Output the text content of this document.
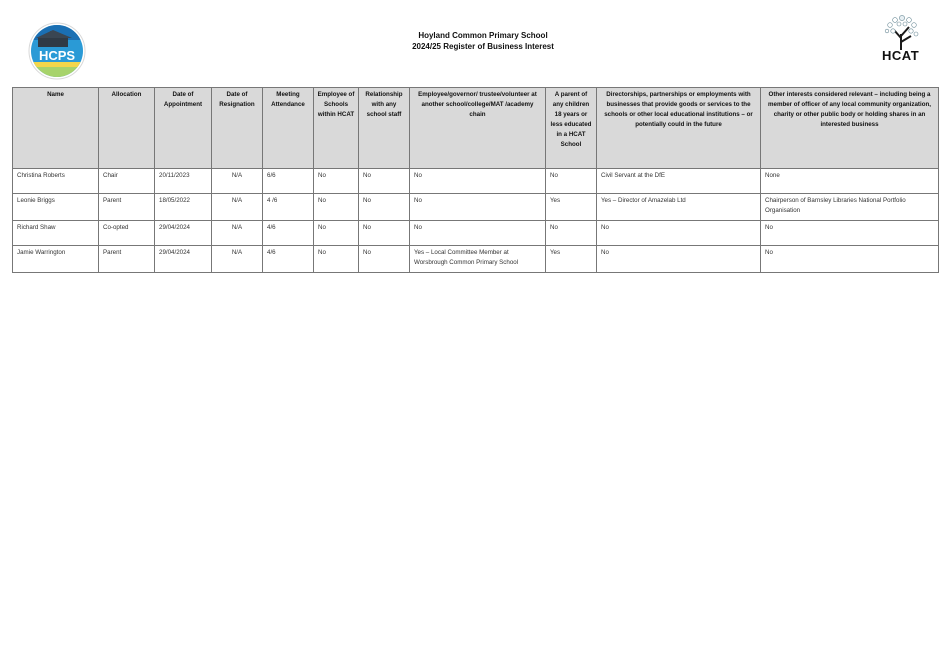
HCPS
Hoyland Common Primary School
2024/25 Register of Business Interest
HCAT
Name	Allocation	Date of Appointment	Date of Resignation	Meeting Attendance	Employee of Schools within HCAT	Relationship with any school staff	Employee/governor/ trustee/volunteer at another school/college/MAT /academy chain	A parent of any children 18 years or less educated in a HCAT School	Directorships, partnerships or employments with businesses that provide goods or services to the schools or other local educational institutions – or potentially could in the future	Other interests considered relevant – including being a member of officer of any local community organization, charity or other public body or holding shares in an interested business
Christina Roberts	Chair	20/11/2023	N/A	6/6	No	No	No	No	Civil Servant at the DfE	None
Leonie Briggs	Parent	18/05/2022	N/A	4 /6	No	No	No	Yes	Yes – Director of Amazelab Ltd	Chairperson of Barnsley Libraries National Portfolio Organisation
Richard Shaw	Co-opted	29/04/2024	N/A	4/6	No	No	No	No	No	No
Jamie Warrington	Parent	29/04/2024	N/A	4/6	No	No	Yes – Local Committee Member at Worsbrough Common Primary School	Yes	No	No
